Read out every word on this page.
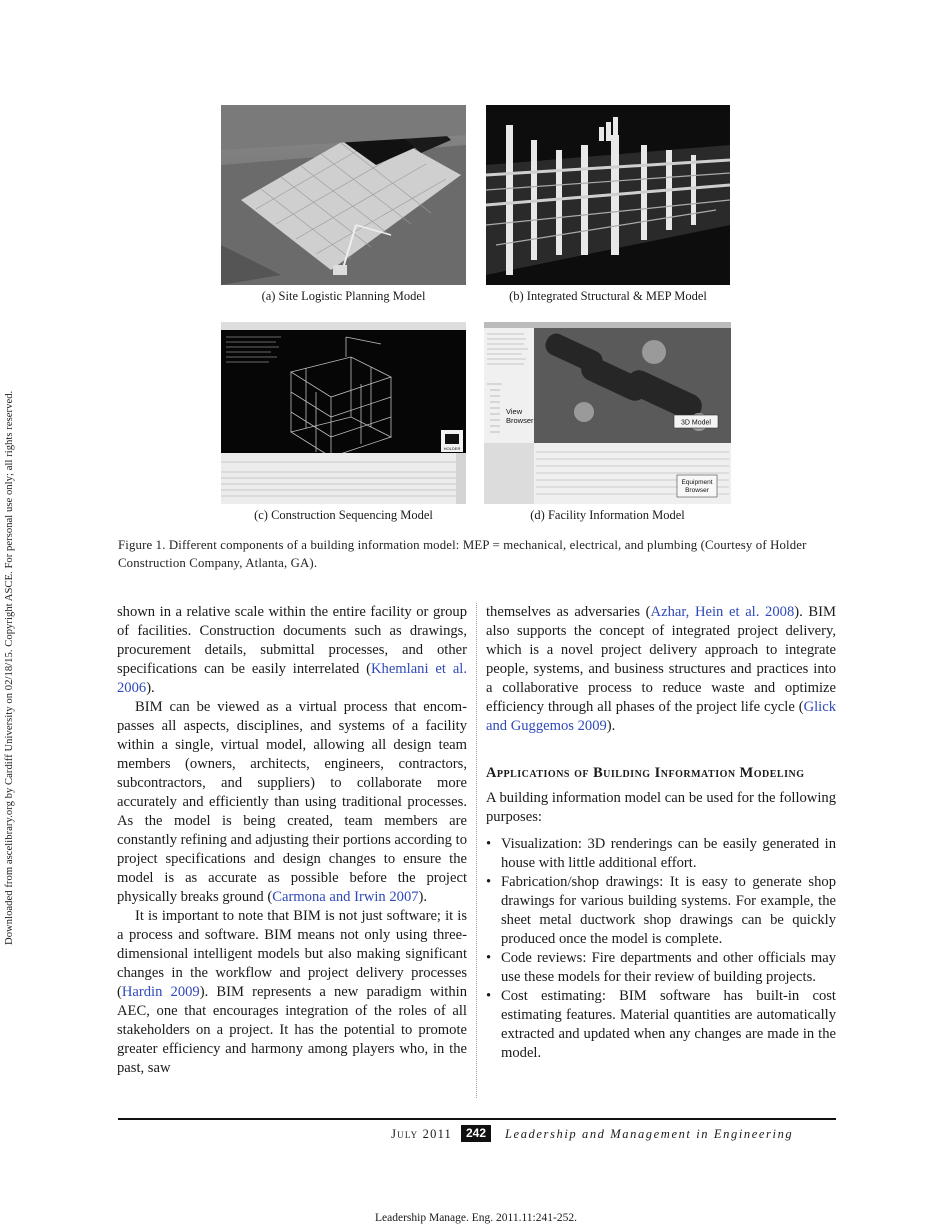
Downloaded from ascelibrary.org by Cardiff University on 02/18/15. Copyright ASCE. For personal use only; all rights reserved.
(a) Site Logistic Planning Model	(b) Integrated Structural & MEP Model
HOLDER
(c) Construction Sequencing Model
View Browser	3D Model
Equipment Browser
(d) Facility Information Model
Figure 1. Different components of a building information model: MEP = mechanical, electrical, and plumbing (Courtesy of Holder Construction Company, Atlanta, GA).

shown in a relative scale within the entire facility or group of facilities. Construction documents such as drawings, procurement details, submittal processes, and other specifications can be easily interrelated (Khemlani et al. 2006).

BIM can be viewed as a virtual process that encompasses all aspects, disciplines, and systems of a facility within a single, virtual model, allowing all design team members (owners, architects, engineers, contractors, subcontractors, and suppliers) to collaborate more accurately and efficiently than using traditional processes. As the model is being created, team members are constantly refining and adjusting their portions according to project specifications and design changes to ensure the model is as accurate as possible before the project physically breaks ground (Carmona and Irwin 2007).

It is important to note that BIM is not just software; it is a process and software. BIM means not only using three-dimensional intelligent models but also making significant changes in the workflow and project delivery processes (Hardin 2009). BIM represents a new paradigm within AEC, one that encourages integration of the roles of all stakeholders on a project. It has the potential to promote greater efficiency and harmony among players who, in the past, saw

themselves as adversaries (Azhar, Hein et al. 2008). BIM also supports the concept of integrated project delivery, which is a novel project delivery approach to integrate people, systems, and business structures and practices into a collaborative process to reduce waste and optimize efficiency through all phases of the project life cycle (Glick and Guggemos 2009).

Applications of Building Information Modeling

A building information model can be used for the following purposes:

• Visualization: 3D renderings can be easily generated in house with little additional effort.
• Fabrication/shop drawings: It is easy to generate shop drawings for various building systems. For example, the sheet metal ductwork shop drawings can be quickly produced once the model is complete.
• Code reviews: Fire departments and other officials may use these models for their review of building projects.
• Cost estimating: BIM software has built-in cost estimating features. Material quantities are automatically extracted and updated when any changes are made in the model.
July 2011	242	Leadership and Management in Engineering
Leadership Manage. Eng. 2011.11:241-252.
